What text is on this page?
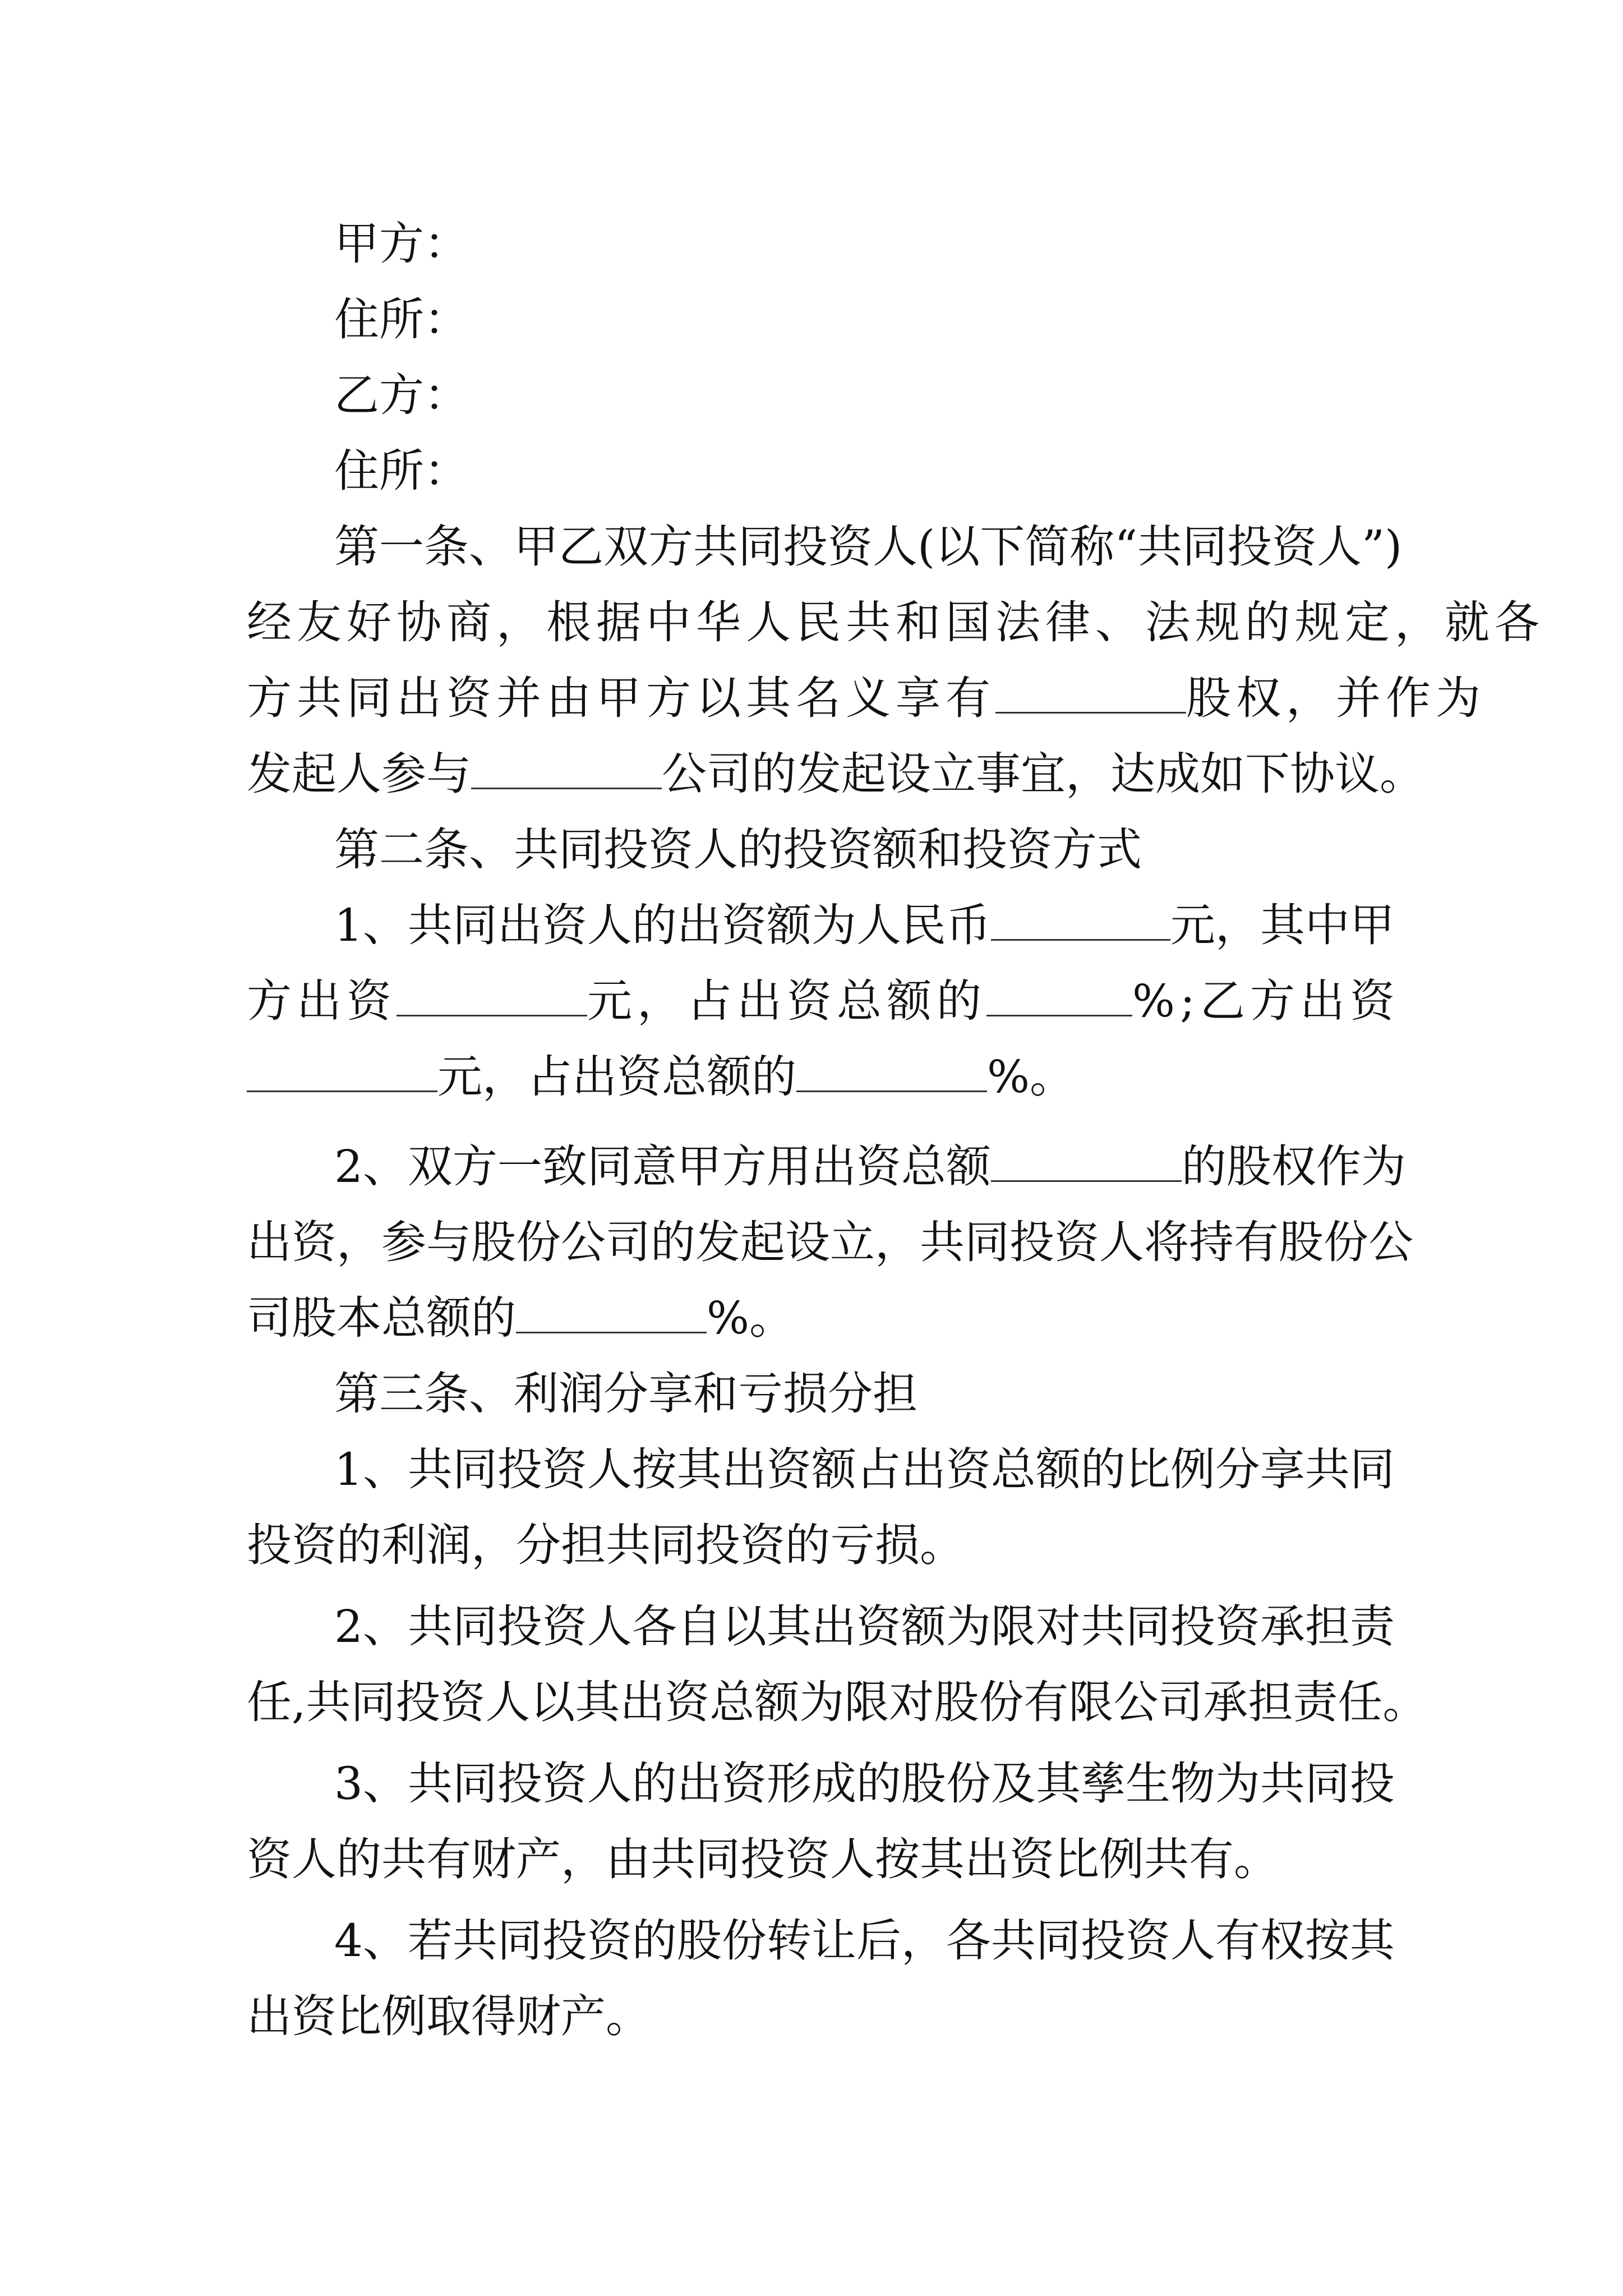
甲方：
住所：
乙方：
住所：
第一条、甲乙双方共同投资人(以下简称“共同投资人”)
经友好协商，根据中华人民共和国法律、法规的规定，就各
方共同出资并由甲方以其名义享有	股权，并作为
发起人参与	公司的发起设立事宜，达成如下协议。
第二条、共同投资人的投资额和投资方式
1、共同出资人的出资额为人民币	元，其中甲
方出资	元，占出资总额的	%;乙方出资
元，占出资总额的	%。
2、双方一致同意甲方用出资总额	的股权作为
出资，参与股份公司的发起设立，共同投资人将持有股份公
司股本总额的	%。
第三条、利润分享和亏损分担
1、共同投资人按其出资额占出资总额的比例分享共同
投资的利润，分担共同投资的亏损。
2、共同投资人各自以其出资额为限对共同投资承担责
任,共同投资人以其出资总额为限对股份有限公司承担责任。
3、共同投资人的出资形成的股份及其孳生物为共同投
资人的共有财产，由共同投资人按其出资比例共有。
4、若共同投资的股份转让后，各共同投资人有权按其
出资比例取得财产。
